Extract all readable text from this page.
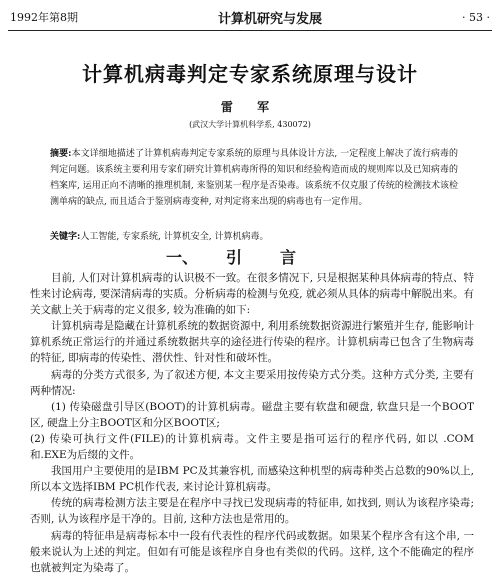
1992年第8期	计算机研究与发展	· 53 ·
计算机病毒判定专家系统原理与设计
雷 军
(武汉大学计算机科学系, 430072)
摘要:本文详细地描述了计算机病毒判定专家系统的原理与具体设计方法, 一定程度上解决了流行病毒的判定问题。该系统主要利用专家们研究计算机病毒所得的知识和经验构造而成的规则库以及已知病毒的档案库, 运用正向不清晰的推理机制, 来鉴别某一程序是否染毒。该系统不仅克服了传统的检测技术该检测单病的缺点, 而且适合于鉴别病毒变种, 对判定将来出现的病毒也有一定作用。
关键字:人工智能, 专家系统, 计算机安全, 计算机病毒。
一、 引言

目前, 人们对计算机病毒的认识极不一致。在很多情况下, 只是根据某种具体病毒的特点、特性来讨论病毒, 要深清病毒的实质。分析病毒的检测与免疫, 就必须从具体的病毒中解脱出来。有关文献上关于病毒的定义很多, 较为准确的如下:

计算机病毒是隐藏在计算机系统的数据资源中, 利用系统数据资源进行繁殖并生存, 能影响计算机系统正常运行的并通过系统数据共享的途径进行传染的程序。计算机病毒已包含了生物病毒的特征, 即病毒的传染性、潜伏性、针对性和破坏性。

病毒的分类方式很多, 为了叙述方便, 本文主要采用按传染方式分类。这种方式分类, 主要有两种情况:

(1) 传染磁盘引导区(BOOT)的计算机病毒。磁盘主要有软盘和硬盘, 软盘只是一个BOOT区, 硬盘上分主BOOT区和分区BOOT区;

(2) 传染可执行文件(FILE)的计算机病毒。文件主要是指可运行的程序代码, 如以 .COM和.EXE为后缀的文件。

我国用户主要使用的是IBM PC及其兼容机, 而感染这种机型的病毒种类占总数的90%以上, 所以本文选择IBM PC机作代表, 来讨论计算机病毒。

传统的病毒检测方法主要是在程序中寻找已发现病毒的特征串, 如找到, 则认为该程序染毒; 否则, 认为该程序是干净的。目前, 这种方法也是常用的。

病毒的特征串是病毒标本中一段有代表性的程序代码或数据。如果某个程序含有这个串, 一般来说认为上述的判定。但如有可能是该程序自身也有类似的代码。这样, 这个不能确定的程序也就被判定为染毒了。
